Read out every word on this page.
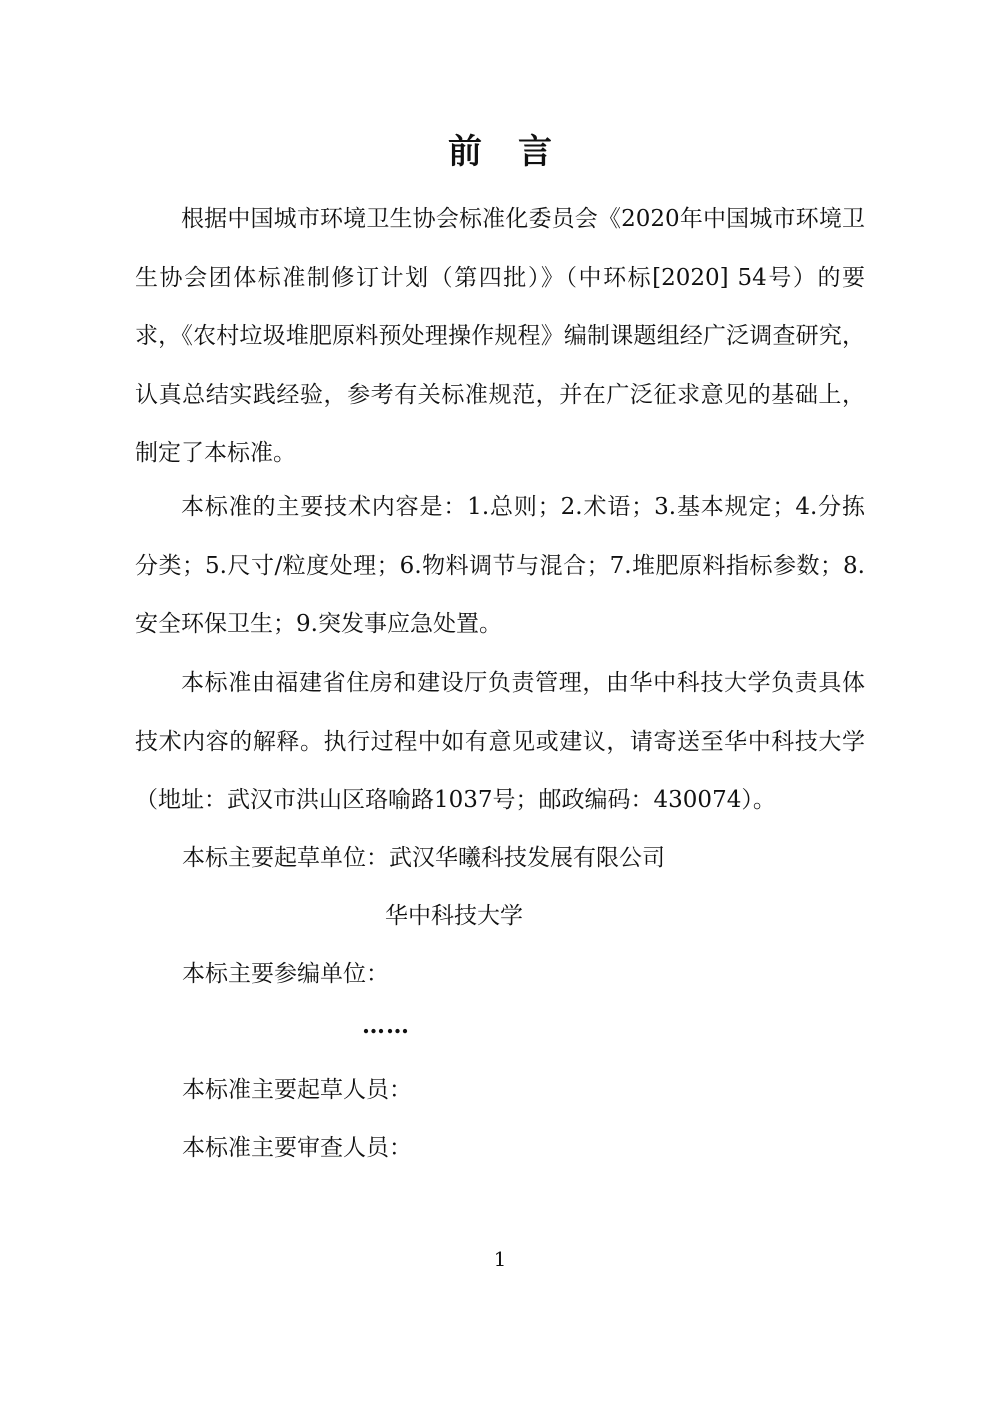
前 言

根据中国城市环境卫生协会标准化委员会《2020年中国城市环境卫生协会团体标准制修订计划（第四批）》（中环标[2020] 54号）的要求，《农村垃圾堆肥原料预处理操作规程》编制课题组经广泛调查研究，认真总结实践经验，参考有关标准规范，并在广泛征求意见的基础上，制定了本标准。

本标准的主要技术内容是：1.总则；2.术语；3.基本规定；4.分拣分类；5.尺寸/粒度处理；6.物料调节与混合；7.堆肥原料指标参数；8.安全环保卫生；9.突发事应急处置。

本标准由福建省住房和建设厅负责管理，由华中科技大学负责具体技术内容的解释。执行过程中如有意见或建议，请寄送至华中科技大学（地址：武汉市洪山区珞喻路1037号；邮政编码：430074）。

本标主要起草单位：武汉华曦科技发展有限公司
华中科技大学
本标主要参编单位：
……
本标准主要起草人员：
本标准主要审查人员：
1
